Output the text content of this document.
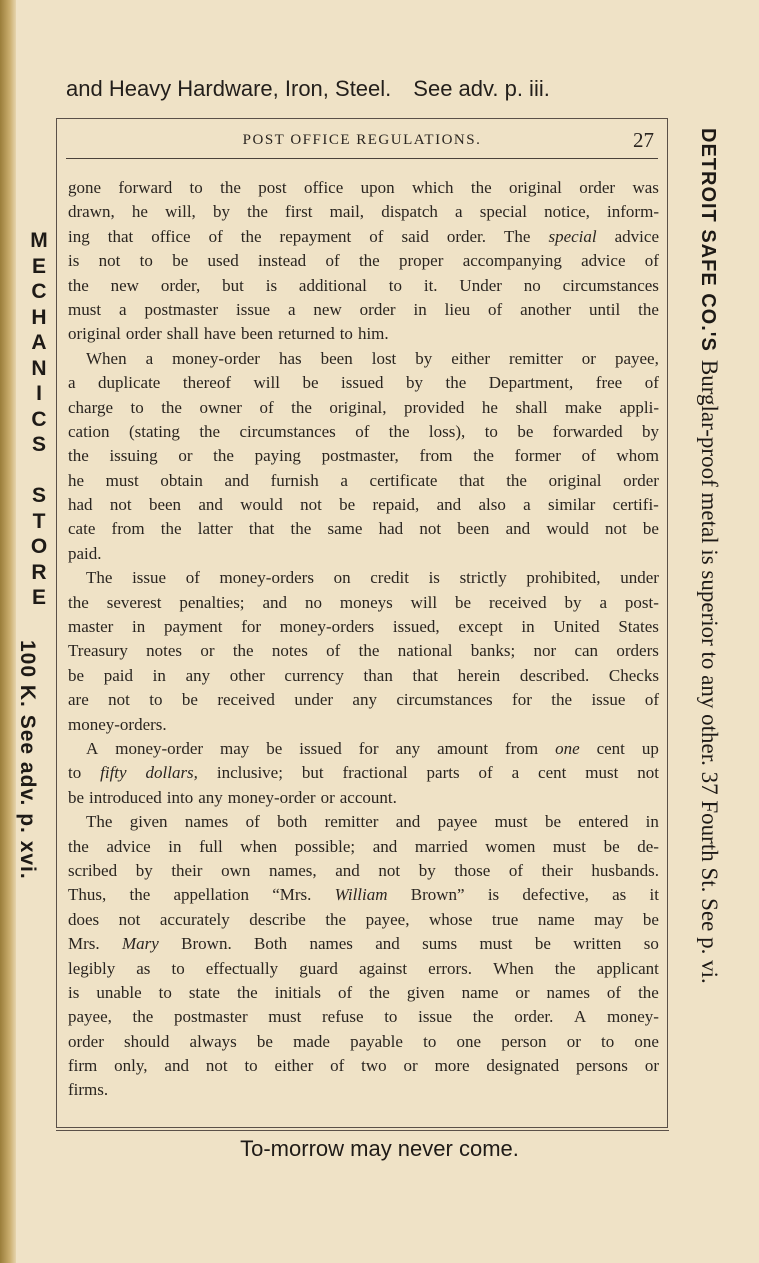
and Heavy Hardware, Iron, Steel. See adv. p. iii.
POST OFFICE REGULATIONS.	27
gone forward to the post office upon which the original order was
drawn, he will, by the first mail, dispatch a special notice, inform-
ing that office of the repayment of said order. The special advice
is not to be used instead of the proper accompanying advice of
the new order, but is additional to it. Under no circumstances
must a postmaster issue a new order in lieu of another until the
original order shall have been returned to him.
When a money-order has been lost by either remitter or payee,
a duplicate thereof will be issued by the Department, free of
charge to the owner of the original, provided he shall make appli-
cation (stating the circumstances of the loss), to be forwarded by
the issuing or the paying postmaster, from the former of whom
he must obtain and furnish a certificate that the original order
had not been and would not be repaid, and also a similar certifi-
cate from the latter that the same had not been and would not be
paid.
The issue of money-orders on credit is strictly prohibited, under
the severest penalties; and no moneys will be received by a post-
master in payment for money-orders issued, except in United States
Treasury notes or the notes of the national banks; nor can orders
be paid in any other currency than that herein described. Checks
are not to be received under any circumstances for the issue of
money-orders.
A money-order may be issued for any amount from one cent up
to fifty dollars, inclusive; but fractional parts of a cent must not
be introduced into any money-order or account.
The given names of both remitter and payee must be entered in
the advice in full when possible; and married women must be de-
scribed by their own names, and not by those of their husbands.
Thus, the appellation “Mrs. William Brown” is defective, as it
does not accurately describe the payee, whose true name may be
Mrs. Mary Brown. Both names and sums must be written so
legibly as to effectually guard against errors. When the applicant
is unable to state the initials of the given name or names of the
payee, the postmaster must refuse to issue the order. A money-
order should always be made payable to one person or to one
firm only, and not to either of two or more designated persons or
firms.
To-morrow may never come.
M
E
C
H
A
N
I
C
S

S
T
O
R
E
100 K. See adv. p. xvi.
DETROIT SAFE CO.'SBurglar-proof metal is superior to any other. 37 Fourth St. See p. vi.
